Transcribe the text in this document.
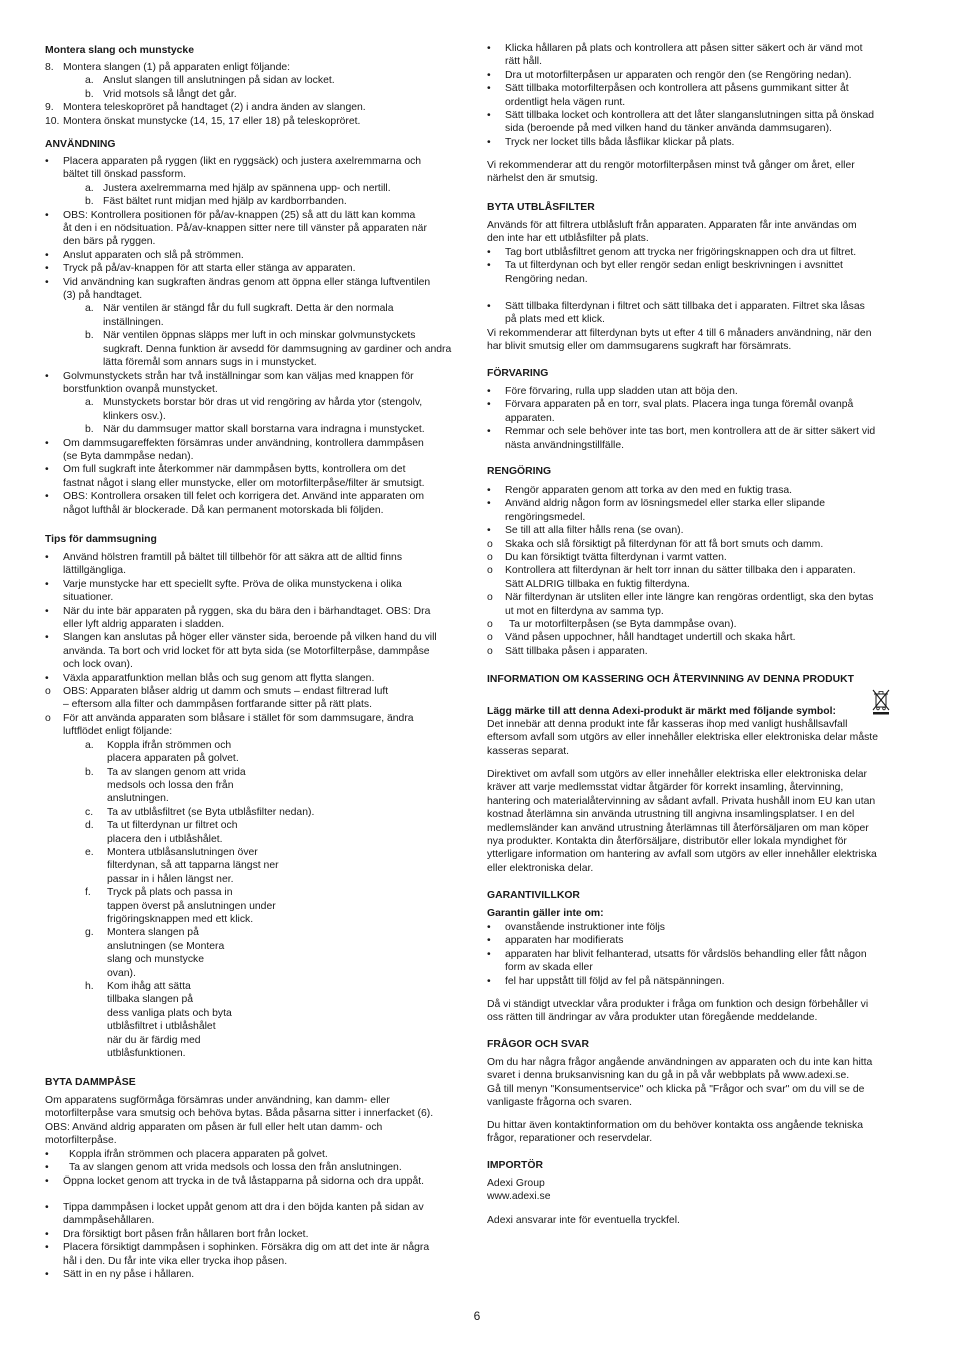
Montera slang och munstycke
8. Montera slangen (1) på apparaten enligt följande:
a. Anslut slangen till anslutningen på sidan av locket.
b. Vrid motsols så långt det går.
9. Montera teleskopröret på handtaget (2) i andra änden av slangen.
10. Montera önskat munstycke (14, 15, 17 eller 18) på teleskopröret.
ANVÄNDNING
• Placera apparaten på ryggen (likt en ryggsäck) och justera axelremmarna och
bältet till önskad passform.
a. Justera axelremmarna med hjälp av spännena upp- och nertill.
b. Fäst bältet runt midjan med hjälp av kardborrbanden.
• OBS: Kontrollera positionen för på/av-knappen (25) så att du lätt kan komma
åt den i en nödsituation. På/av-knappen sitter nere till vänster på apparaten när
den bärs på ryggen.
• Anslut apparaten och slå på strömmen.
• Tryck på på/av-knappen för att starta eller stänga av apparaten.
• Vid användning kan sugkraften ändras genom att öppna eller stänga luftventilen
(3) på handtaget.
a. När ventilen är stängd får du full sugkraft. Detta är den normala
inställningen.
b. När ventilen öppnas släpps mer luft in och minskar golvmunstyckets
sugkraft. Denna funktion är avsedd för dammsugning av gardiner och andra
lätta föremål som annars sugs in i munstycket.
• Golvmunstyckets strån har två inställningar som kan väljas med knappen för
borstfunktion ovanpå munstycket.
a. Munstyckets borstar bör dras ut vid rengöring av hårda ytor (stengolv,
klinkers osv.).
b. När du dammsuger mattor skall borstarna vara indragna i munstycket.
• Om dammsugareffekten försämras under användning, kontrollera dammpåsen
(se Byta dammpåse nedan).
• Om full sugkraft inte återkommer när dammpåsen bytts, kontrollera om det
fastnat något i slang eller munstycke, eller om motorfilterpåse/filter är smutsigt.
• OBS: Kontrollera orsaken till felet och korrigera det. Använd inte apparaten om
något lufthål är blockerade. Då kan permanent motorskada bli följden.
Tips för dammsugning
• Använd hölstren framtill på bältet till tillbehör för att säkra att de alltid finns
lättillgängliga.
• Varje munstycke har ett speciellt syfte. Pröva de olika munstyckena i olika
situationer.
• När du inte bär apparaten på ryggen, ska du bära den i bärhandtaget. OBS: Dra
eller lyft aldrig apparaten i sladden.
• Slangen kan anslutas på höger eller vänster sida, beroende på vilken hand du vill
använda. Ta bort och vrid locket för att byta sida (se Motorfilterpåse, dammpåse
och lock ovan).
• Växla apparatfunktion mellan blås och sug genom att flytta slangen.
o OBS: Apparaten blåser aldrig ut damm och smuts – endast filtrerad luft
– eftersom alla filter och dammpåsen fortfarande sitter på rätt plats.
o För att använda apparaten som blåsare i stället för som dammsugare, ändra
luftflödet enligt följande:
a. Koppla ifrån strömmen och
placera apparaten på golvet.
b. Ta av slangen genom att vrida
medsols och lossa den från
anslutningen.
c. Ta av utblåsfiltret (se Byta utblåsfilter nedan).
d. Ta ut filterdynan ur filtret och
placera den i utblåshålet.
e. Montera utblåsanslutningen över
filterdynan, så att tapparna längst ner
passar in i hålen längst ner.
f. Tryck på plats och passa in
tappen överst på anslutningen under
frigöringsknappen med ett klick.
g. Montera slangen på
anslutningen (se Montera
slang och munstycke
ovan).
h. Kom ihåg att sätta
tillbaka slangen på
dess vanliga plats och byta
utblåsfiltret i utblåshålet
när du är färdig med
utblåsfunktionen.
BYTA DAMMPÅSE
Om apparatens sugförmåga försämras under användning, kan damm- eller
motorfilterpåse vara smutsig och behöva bytas. Båda påsarna sitter i innerfacket (6).
OBS: Använd aldrig apparaten om påsen är full eller helt utan damm- och
motorfilterpåse.
• Koppla ifrån strömmen och placera apparaten på golvet.
• Ta av slangen genom att vrida medsols och lossa den från anslutningen.
• Öppna locket genom att trycka in de två låstapparna på sidorna och dra uppåt.
• Tippa dammpåsen i locket uppåt genom att dra i den böjda kanten på sidan av
dammpåsehållaren.
• Dra försiktigt bort påsen från hållaren bort från locket.
• Placera försiktigt dammpåsen i sophinken. Försäkra dig om att det inte är några
hål i den. Du får inte vika eller trycka ihop påsen.
• Sätt in en ny påse i hållaren.
• Klicka hållaren på plats och kontrollera att påsen sitter säkert och är vänd mot
rätt håll.
• Dra ut motorfilterpåsen ur apparaten och rengör den (se Rengöring nedan).
• Sätt tillbaka motorfilterpåsen och kontrollera att påsens gummikant sitter åt
ordentligt hela vägen runt.
• Sätt tillbaka locket och kontrollera att det låter slanganslutningen sitta på önskad
sida (beroende på med vilken hand du tänker använda dammsugaren).
• Tryck ner locket tills båda låsflikar klickar på plats.
Vi rekommenderar att du rengör motorfilterpåsen minst två gånger om året, eller
närhelst den är smutsig.
BYTA UTBLÅSFILTER
Används för att filtrera utblåsluft från apparaten. Apparaten får inte användas om
den inte har ett utblåsfilter på plats.
• Tag bort utblåsfiltret genom att trycka ner frigöringsknappen och dra ut filtret.
• Ta ut filterdynan och byt eller rengör sedan enligt beskrivningen i avsnittet
Rengöring nedan.
• Sätt tillbaka filterdynan i filtret och sätt tillbaka det i apparaten. Filtret ska låsas
på plats med ett klick.
Vi rekommenderar att filterdynan byts ut efter 4 till 6 månaders användning, när den
har blivit smutsig eller om dammsugarens sugkraft har försämrats.
FÖRVARING
• Före förvaring, rulla upp sladden utan att böja den.
• Förvara apparaten på en torr, sval plats. Placera inga tunga föremål ovanpå
apparaten.
• Remmar och sele behöver inte tas bort, men kontrollera att de är sitter säkert vid
nästa användningstillfälle.
RENGÖRING
• Rengör apparaten genom att torka av den med en fuktig trasa.
• Använd aldrig någon form av lösningsmedel eller starka eller slipande
rengöringsmedel.
• Se till att alla filter hålls rena (se ovan).
o Skaka och slå försiktigt på filterdynan för att få bort smuts och damm.
o Du kan försiktigt tvätta filterdynan i varmt vatten.
o Kontrollera att filterdynan är helt torr innan du sätter tillbaka den i apparaten.
Sätt ALDRIG tillbaka en fuktig filterdyna.
o När filterdynan är utsliten eller inte längre kan rengöras ordentligt, ska den bytas
ut mot en filterdyna av samma typ.
o Ta ur motorfilterpåsen (se Byta dammpåse ovan).
o Vänd påsen uppochner, håll handtaget undertill och skaka hårt.
o Sätt tillbaka påsen i apparaten.
INFORMATION OM KASSERING OCH ÅTERVINNING AV DENNA PRODUKT
Lägg märke till att denna Adexi-produkt är märkt med följande symbol:
Det innebär att denna produkt inte får kasseras ihop med vanligt hushållsavfall
eftersom avfall som utgörs av eller innehåller elektriska eller elektroniska delar måste
kasseras separat.
Direktivet om avfall som utgörs av eller innehåller elektriska eller elektroniska delar
kräver att varje medlemsstat vidtar åtgärder för korrekt insamling, återvinning,
hantering och materialåtervinning av sådant avfall. Privata hushåll inom EU kan utan
kostnad återlämna sin använda utrustning till angivna insamlingsplatser. I en del
medlemsländer kan använd utrustning återlämnas till återförsäljaren om man köper
nya produkter. Kontakta din återförsäljare, distributör eller lokala myndighet för
ytterligare information om hantering av avfall som utgörs av eller innehåller elektriska
eller elektroniska delar.
GARANTIVILLKOR
Garantin gäller inte om:
• ovanstående instruktioner inte följs
• apparaten har modifierats
• apparaten har blivit felhanterad, utsatts för vårdslös behandling eller fått någon
form av skada eller
• fel har uppstått till följd av fel på nätspänningen.
Då vi ständigt utvecklar våra produkter i fråga om funktion och design förbehåller vi
oss rätten till ändringar av våra produkter utan föregående meddelande.
FRÅGOR OCH SVAR
Om du har några frågor angående användningen av apparaten och du inte kan hitta
svaret i denna bruksanvisning kan du gå in på vår webbplats på www.adexi.se.
Gå till menyn "Konsumentservice" och klicka på "Frågor och svar" om du vill se de
vanligaste frågorna och svaren.
Du hittar även kontaktinformation om du behöver kontakta oss angående tekniska
frågor, reparationer och reservdelar.
IMPORTÖR
Adexi Group
www.adexi.se
Adexi ansvarar inte för eventuella tryckfel.
6
